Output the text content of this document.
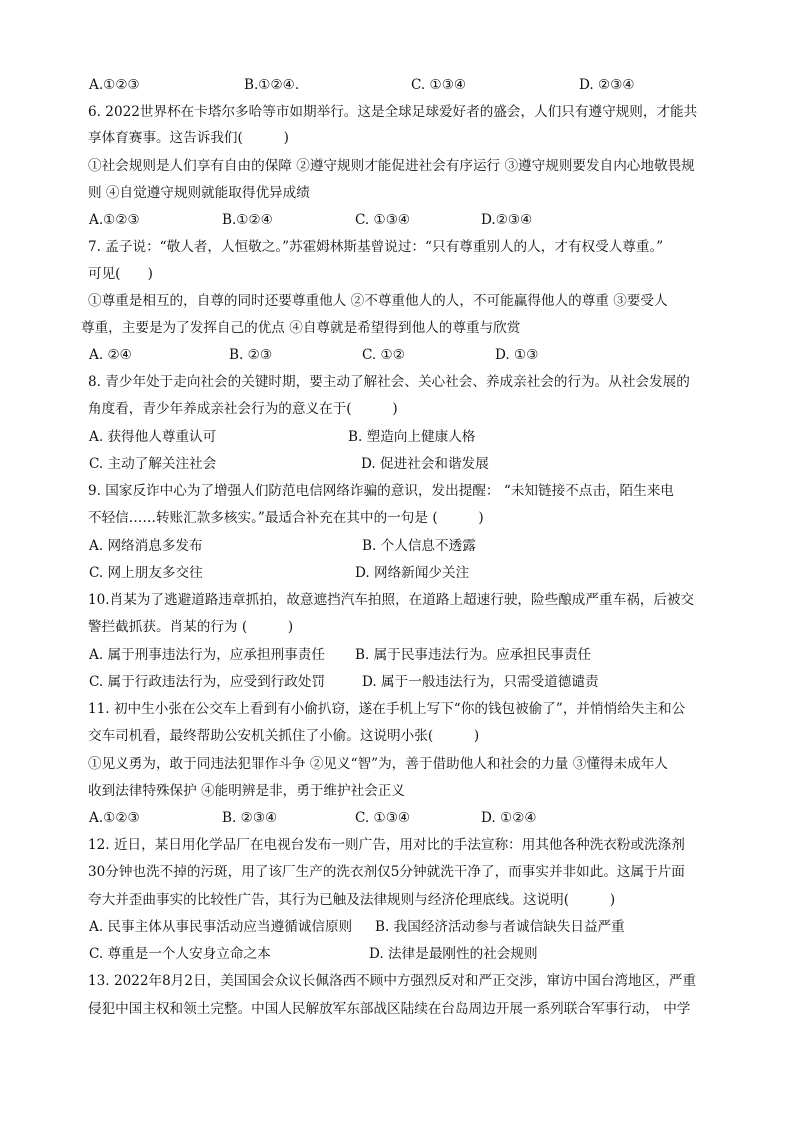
A.①②③	B.①②④.	C. ①③④	D. ②③④
6. 2022世界杯在卡塔尔多哈等市如期举行。这是全球足球爱好者的盛会，人们只有遵守规则，才能共
享体育赛事。这告诉我们(　　　)
①社会规则是人们享有自由的保障 ②遵守规则才能促进社会有序运行 ③遵守规则要发自内心地敬畏规
则 ④自觉遵守规则就能取得优异成绩
A.①②③	B.①②④	C. ①③④	D.②③④
7. 孟子说：“敬人者，人恒敬之。”苏霍姆林斯基曾说过：“只有尊重别人的人，才有权受人尊重。”
可见(　　)
①尊重是相互的，自尊的同时还要尊重他人 ②不尊重他人的人，不可能赢得他人的尊重 ③要受人
尊重，主要是为了发挥自己的优点 ④自尊就是希望得到他人的尊重与欣赏
A. ②④	B. ②③	C. ①②	D. ①③
8. 青少年处于走向社会的关键时期，要主动了解社会、关心社会、养成亲社会的行为。从社会发展的
角度看，青少年养成亲社会行为的意义在于(　　　)
A. 获得他人尊重认可	B. 塑造向上健康人格
C. 主动了解关注社会	D. 促进社会和谐发展
9. 国家反诈中心为了增强人们防范电信网络诈骗的意识，发出提醒： “未知链接不点击，陌生来电
不轻信……转账汇款多核实。”最适合补充在其中的一句是 (　　　)
A. 网络消息多发布	B. 个人信息不透露
C. 网上朋友多交往	D. 网络新闻少关注
10.肖某为了逃避道路违章抓拍，故意遮挡汽车拍照，在道路上超速行驶，险些酿成严重车祸，后被交
警拦截抓获。肖某的行为 (　　　)
A. 属于刑事违法行为，应承担刑事责任 B. 属于民事违法行为。应承担民事责任
C. 属于行政违法行为，应受到行政处罚	D. 属于一般违法行为，只需受道德谴责
11. 初中生小张在公交车上看到有小偷扒窃，遂在手机上写下“你的钱包被偷了”，并悄悄给失主和公
交车司机看，最终帮助公安机关抓住了小偷。这说明小张(　　　)
①见义勇为，敢于同违法犯罪作斗争 ②见义“智”为，善于借助他人和社会的力量 ③懂得未成年人
收到法律特殊保护 ④能明辨是非，勇于维护社会正义
A.①②③	B. ②③④	C. ①③④	D. ①②④
12. 近日，某日用化学品厂在电视台发布一则广告，用对比的手法宣称：用其他各种洗衣粉或洗涤剂
30分钟也洗不掉的污斑，用了该厂生产的洗衣剂仅5分钟就洗干净了，而事实并非如此。这属于片面
夸大并歪曲事实的比较性广告，其行为已触及法律规则与经济伦理底线。这说明(　　　)
A. 民事主体从事民事活动应当遵循诚信原则 B. 我国经济活动参与者诚信缺失日益严重
C. 尊重是一个人安身立命之本	D. 法律是最刚性的社会规则
13. 2022年8月2日，美国国会众议长佩洛西不顾中方强烈反对和严正交涉，窜访中国台湾地区，严重
侵犯中国主权和领土完整。中国人民解放军东部战区陆续在台岛周边开展一系列联合军事行动， 中学
